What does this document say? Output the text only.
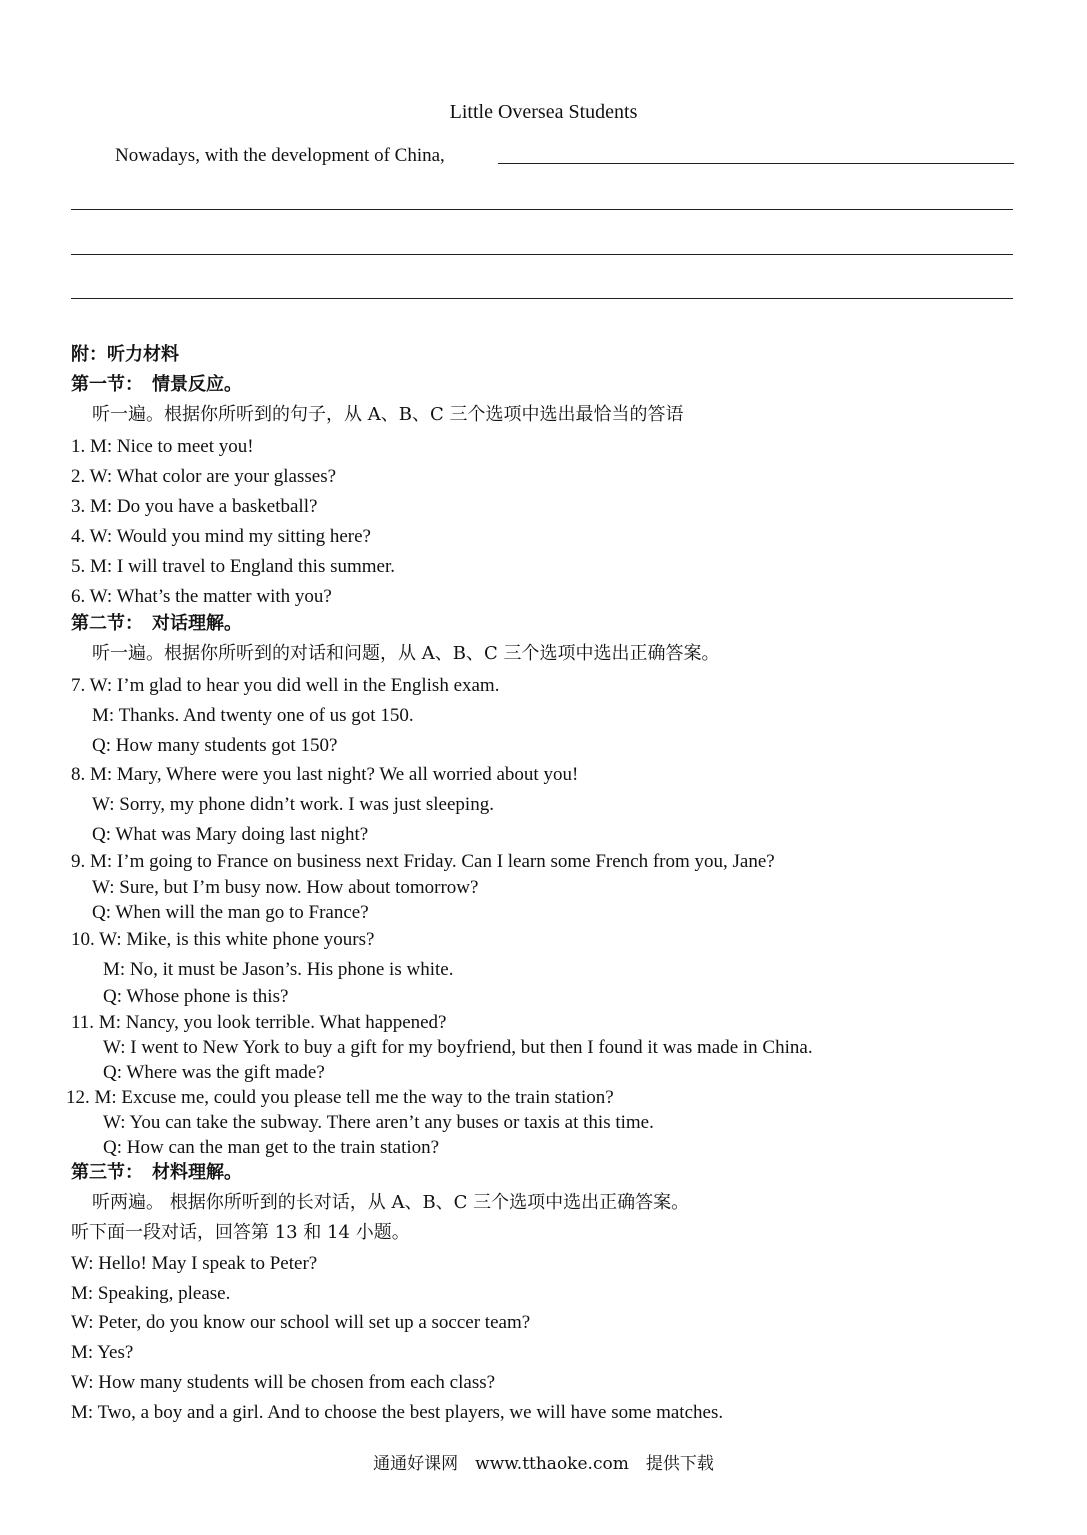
Little Oversea Students
Nowadays, with the development of China,
附：听力材料
第一节：　情景反应。
听一遍。根据你所听到的句子，从 A、B、C 三个选项中选出最恰当的答语
1. M: Nice to meet you!
2. W: What color are your glasses?
3. M: Do you have a basketball?
4. W: Would you mind my sitting here?
5. M: I will travel to England this summer.
6. W: What’s the matter with you?
第二节：　对话理解。
听一遍。根据你所听到的对话和问题，从 A、B、C 三个选项中选出正确答案。
7. W: I’m glad to hear you did well in the English exam.
M: Thanks. And twenty one of us got 150.
Q: How many students got 150?
8. M: Mary, Where were you last night? We all worried about you!
W: Sorry, my phone didn’t work. I was just sleeping.
Q: What was Mary doing last night?
9. M: I’m going to France on business next Friday. Can I learn some French from you, Jane?
W: Sure, but I’m busy now. How about tomorrow?
Q: When will the man go to France?
10. W: Mike, is this white phone yours?
M: No, it must be Jason’s. His phone is white.
Q: Whose phone is this?
11. M: Nancy, you look terrible. What happened?
W: I went to New York to buy a gift for my boyfriend, but then I found it was made in China.
Q: Where was the gift made?
12. M: Excuse me, could you please tell me the way to the train station?
W: You can take the subway. There aren’t any buses or taxis at this time.
Q: How can the man get to the train station?
第三节：　材料理解。
听两遍。 根据你所听到的长对话，从 A、B、C 三个选项中选出正确答案。
听下面一段对话，回答第 13 和 14 小题。
W: Hello! May I speak to Peter?
M: Speaking, please.
W: Peter, do you know our school will set up a soccer team?
M: Yes?
W: How many students will be chosen from each class?
M: Two, a boy and a girl. And to choose the best players, we will have some matches.
通通好课网　www.tthaoke.com　提供下载
